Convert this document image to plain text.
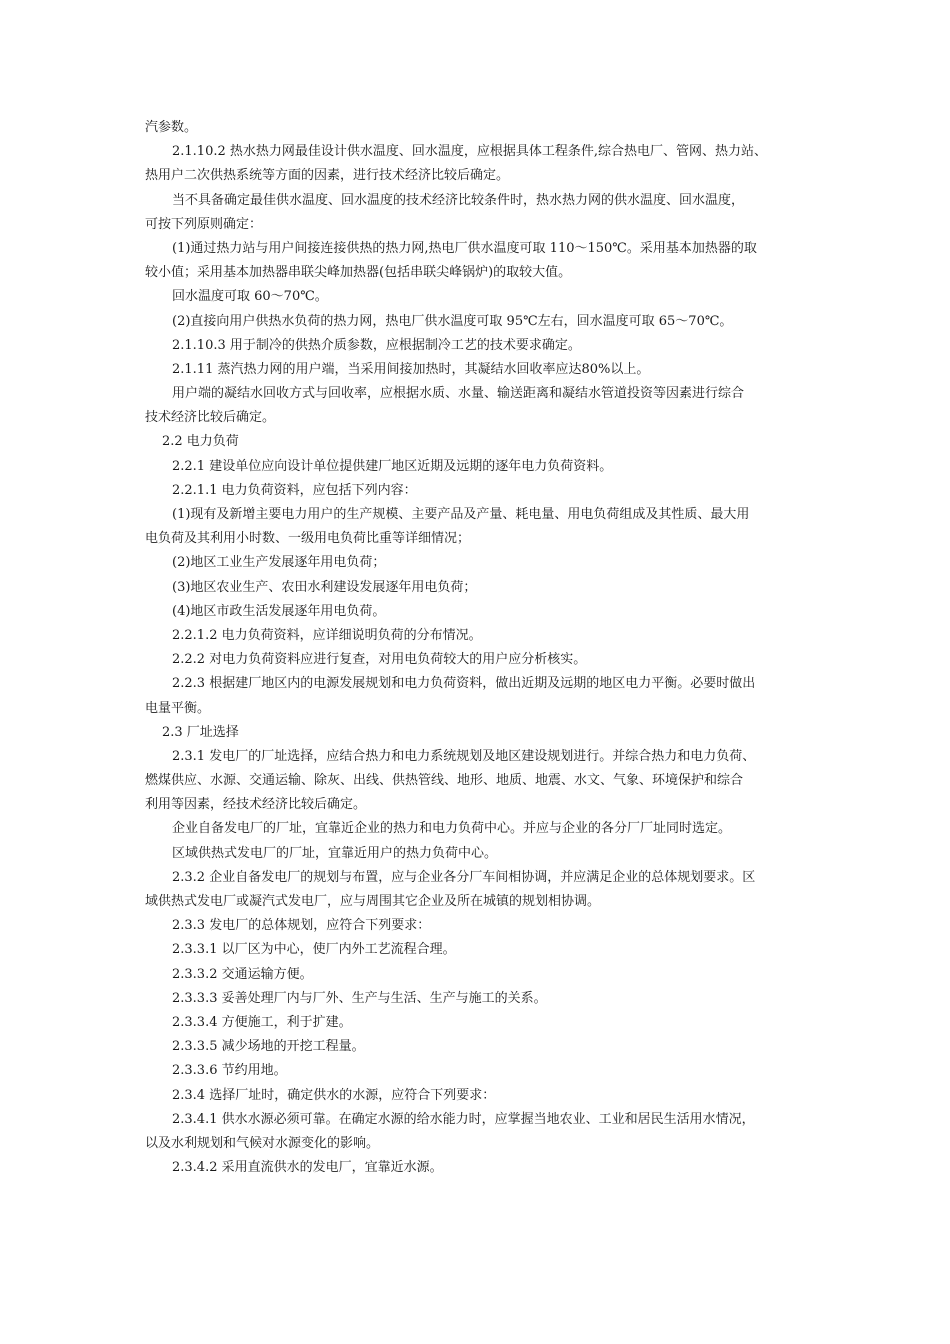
汽参数。
2.1.10.2 热水热力网最佳设计供水温度、回水温度，应根据具体工程条件,综合热电厂、管网、热力站、
热用户二次供热系统等方面的因素，进行技术经济比较后确定。
当不具备确定最佳供水温度、回水温度的技术经济比较条件时，热水热力网的供水温度、回水温度，
可按下列原则确定：
(1)通过热力站与用户间接连接供热的热力网,热电厂供水温度可取 110～150℃。采用基本加热器的取
较小值；采用基本加热器串联尖峰加热器(包括串联尖峰锅炉)的取较大值。
回水温度可取 60～70℃。
(2)直接向用户供热水负荷的热力网，热电厂供水温度可取 95℃左右，回水温度可取 65～70℃。
2.1.10.3 用于制冷的供热介质参数，应根据制冷工艺的技术要求确定。
2.1.11 蒸汽热力网的用户端，当采用间接加热时，其凝结水回收率应达80%以上。
用户端的凝结水回收方式与回收率，应根据水质、水量、输送距离和凝结水管道投资等因素进行综合
技术经济比较后确定。
2.2 电力负荷
2.2.1 建设单位应向设计单位提供建厂地区近期及远期的逐年电力负荷资料。
2.2.1.1 电力负荷资料，应包括下列内容：
(1)现有及新增主要电力用户的生产规模、主要产品及产量、耗电量、用电负荷组成及其性质、最大用
电负荷及其利用小时数、一级用电负荷比重等详细情况；
(2)地区工业生产发展逐年用电负荷；
(3)地区农业生产、农田水利建设发展逐年用电负荷；
(4)地区市政生活发展逐年用电负荷。
2.2.1.2 电力负荷资料，应详细说明负荷的分布情况。
2.2.2 对电力负荷资料应进行复查，对用电负荷较大的用户应分析核实。
2.2.3 根据建厂地区内的电源发展规划和电力负荷资料，做出近期及远期的地区电力平衡。必要时做出
电量平衡。
2.3 厂址选择
2.3.1 发电厂的厂址选择，应结合热力和电力系统规划及地区建设规划进行。并综合热力和电力负荷、
燃煤供应、水源、交通运输、除灰、出线、供热管线、地形、地质、地震、水文、气象、环境保护和综合
利用等因素，经技术经济比较后确定。
企业自备发电厂的厂址，宜靠近企业的热力和电力负荷中心。并应与企业的各分厂厂址同时选定。
区域供热式发电厂的厂址，宜靠近用户的热力负荷中心。
2.3.2 企业自备发电厂的规划与布置，应与企业各分厂车间相协调，并应满足企业的总体规划要求。区
域供热式发电厂或凝汽式发电厂，应与周围其它企业及所在城镇的规划相协调。
2.3.3 发电厂的总体规划，应符合下列要求：
2.3.3.1 以厂区为中心，使厂内外工艺流程合理。
2.3.3.2 交通运输方便。
2.3.3.3 妥善处理厂内与厂外、生产与生活、生产与施工的关系。
2.3.3.4 方便施工，利于扩建。
2.3.3.5 减少场地的开挖工程量。
2.3.3.6 节约用地。
2.3.4 选择厂址时，确定供水的水源，应符合下列要求：
2.3.4.1 供水水源必须可靠。在确定水源的给水能力时，应掌握当地农业、工业和居民生活用水情况，
以及水利规划和气候对水源变化的影响。
2.3.4.2 采用直流供水的发电厂，宜靠近水源。
